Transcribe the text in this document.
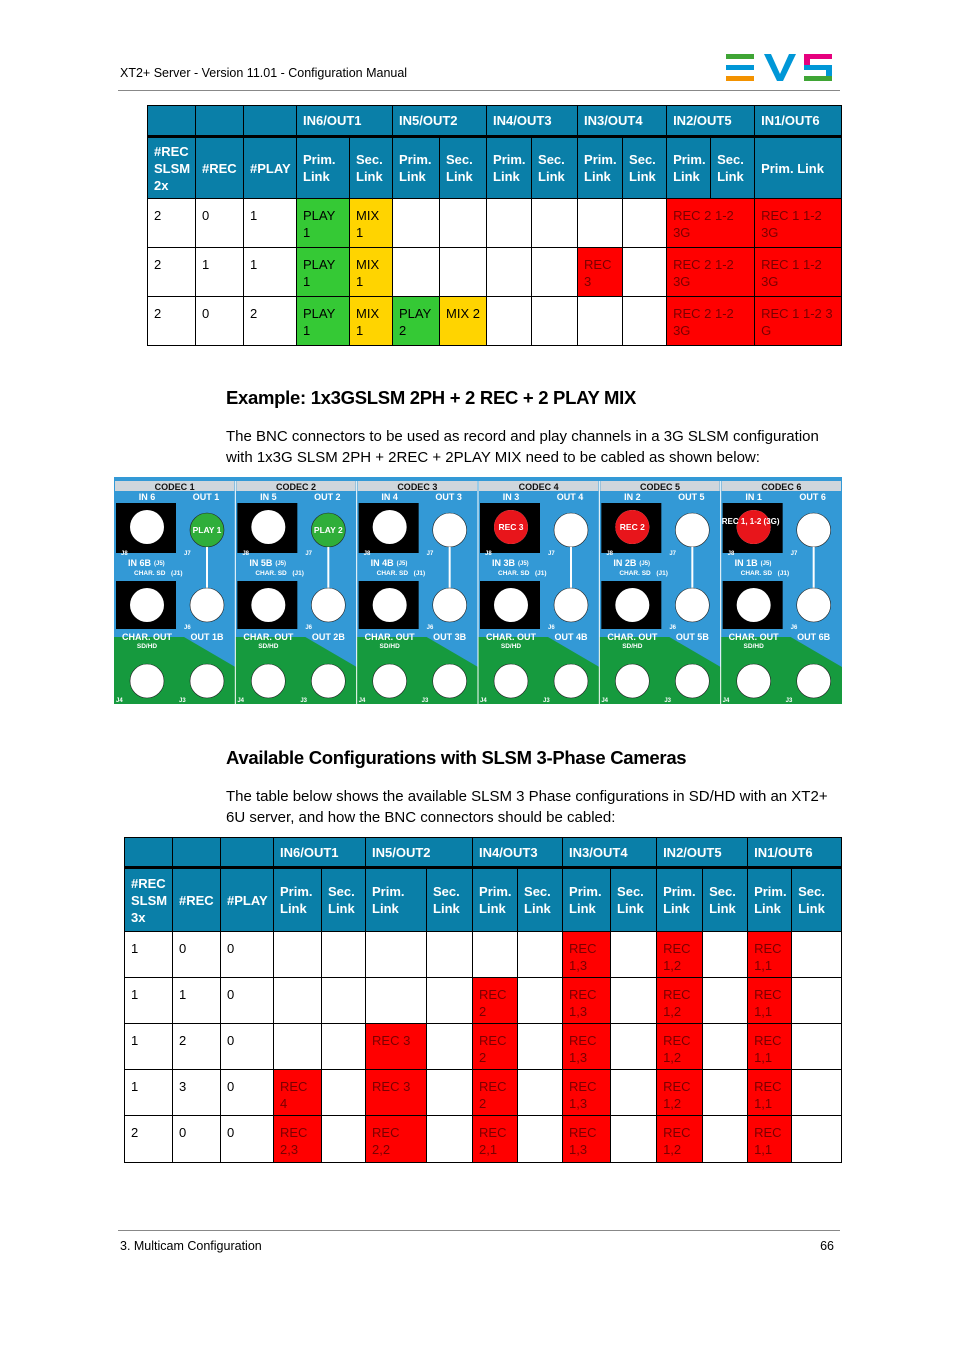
XT2+ Server - Version 11.01 - Configuration Manual
			IN6/OUT1		IN5/OUT2		IN4/OUT3		IN3/OUT4		IN2/OUT5		IN1/OUT6
#REC SLSM 2x	#REC	#PLAY	Prim. Link	Sec. Link	Prim. Link	Sec. Link	Prim. Link	Sec. Link	Prim. Link	Sec. Link	Prim. Link	Sec. Link	Prim. Link
2	0	1	PLAY 1	MIX 1							REC 2 1-2 3G		REC 1 1-2 3G
2	1	1	PLAY 1	MIX 1					REC 3		REC 2 1-2 3G		REC 1 1-2 3G
2	0	2	PLAY 1	MIX 1	PLAY 2	MIX 2					REC 2 1-2 3G		REC 1 1-2 3 G
Example: 1x3GSLSM 2PH + 2 REC + 2 PLAY MIX

The BNC connectors to be used as record and play channels in a 3G SLSM configuration with 1x3G SLSM 2PH + 2REC + 2PLAY MIX need to be cabled as shown below:

CODEC 1
IN 6	OUT 1
J8	J7
PLAY 1
IN 6B (J5)
CHAR. SD (J1)
J6
CHAR. OUT
SD/HD
OUT 1B
J4	J3
CODEC 2
IN 5	OUT 2
J8	J7
PLAY 2
IN 5B (J5)
CHAR. SD (J1)
J6
CHAR. OUT
SD/HD
OUT 2B
J4	J3
CODEC 3
IN 4	OUT 3
J8	J7
IN 4B (J5)
CHAR. SD (J1)
J6
CHAR. OUT
SD/HD
OUT 3B
J4	J3
CODEC 4
IN 3	OUT 4
REC 3
J8	J7
IN 3B (J5)
CHAR. SD (J1)
J6
CHAR. OUT
SD/HD
OUT 4B
J4	J3
CODEC 5
IN 2	OUT 5
REC 2
J8	J7
IN 2B (J5)
CHAR. SD (J1)
J6
CHAR. OUT
SD/HD
OUT 5B
J4	J3
CODEC 6
IN 1	OUT 6
REC 1, 1-2 (3G)
J8	J7
IN 1B (J5)
CHAR. SD (J1)
J6
CHAR. OUT
SD/HD
OUT 6B
J4	J3
Available Configurations with SLSM 3-Phase Cameras

The table below shows the available SLSM 3 Phase configurations in SD/HD with an XT2+ 6U server, and how the BNC connectors should be cabled:

			IN6/OUT1		IN5/OUT2		IN4/OUT3		IN3/OUT4		IN2/OUT5		IN1/OUT6	
#REC SLSM 3x	#REC	#PLAY	Prim. Link	Sec. Link	Prim. Link	Sec. Link	Prim. Link	Sec. Link	Prim. Link	Sec. Link	Prim. Link	Sec. Link	Prim. Link	Sec. Link
1	0	0							REC 1,3		REC 1,2		REC 1,1	
1	1	0					REC 2		REC 1,3		REC 1,2		REC 1,1	
1	2	0			REC 3		REC 2		REC 1,3		REC 1,2		REC 1,1	
1	3	0	REC 4		REC 3		REC 2		REC 1,3		REC 1,2		REC 1,1	
2	0	0	REC 2,3		REC 2,2		REC 2,1		REC 1,3		REC 1,2		REC 1,1	
3. Multicam Configuration	66
